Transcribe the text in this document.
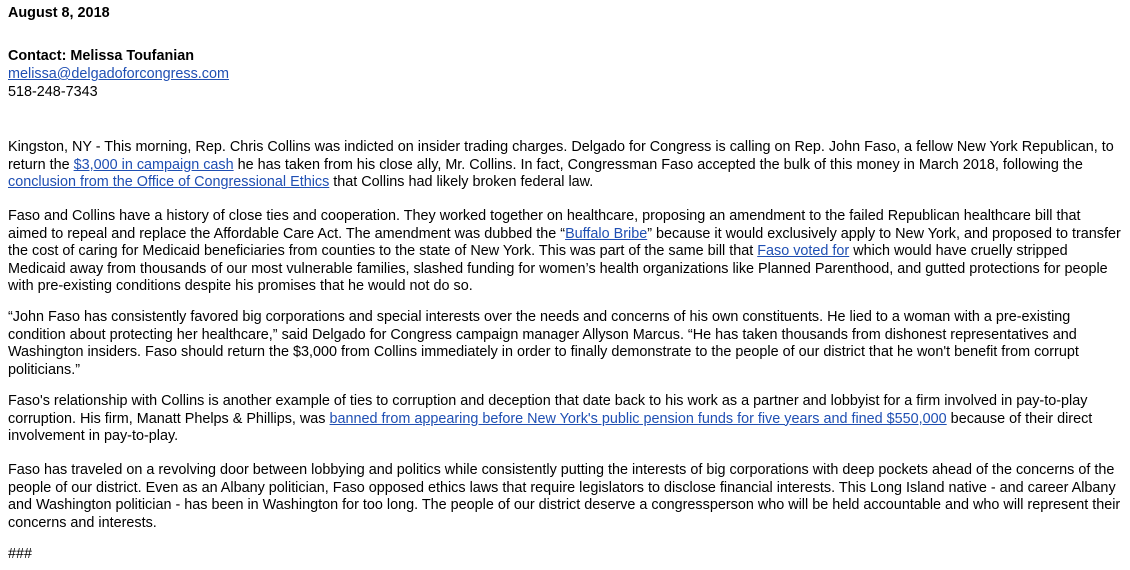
August 8, 2018
Contact: Melissa Toufanian
melissa@delgadoforcongress.com
518-248-7343
Kingston, NY - This morning, Rep. Chris Collins was indicted on insider trading charges. Delgado for Congress is calling on Rep. John Faso, a fellow New York Republican, to return the $3,000 in campaign cash he has taken from his close ally, Mr. Collins. In fact, Congressman Faso accepted the bulk of this money in March 2018, following the conclusion from the Office of Congressional Ethics that Collins had likely broken federal law.
Faso and Collins have a history of close ties and cooperation. They worked together on healthcare, proposing an amendment to the failed Republican healthcare bill that aimed to repeal and replace the Affordable Care Act. The amendment was dubbed the “Buffalo Bribe” because it would exclusively apply to New York, and proposed to transfer the cost of caring for Medicaid beneficiaries from counties to the state of New York. This was part of the same bill that Faso voted for which would have cruelly stripped Medicaid away from thousands of our most vulnerable families, slashed funding for women’s health organizations like Planned Parenthood, and gutted protections for people with pre-existing conditions despite his promises that he would not do so.
“John Faso has consistently favored big corporations and special interests over the needs and concerns of his own constituents. He lied to a woman with a pre-existing condition about protecting her healthcare,” said Delgado for Congress campaign manager Allyson Marcus. “He has taken thousands from dishonest representatives and Washington insiders. Faso should return the $3,000 from Collins immediately in order to finally demonstrate to the people of our district that he won't benefit from corrupt politicians.”
Faso's relationship with Collins is another example of ties to corruption and deception that date back to his work as a partner and lobbyist for a firm involved in pay-to-play corruption. His firm, Manatt Phelps & Phillips, was banned from appearing before New York's public pension funds for five years and fined $550,000 because of their direct involvement in pay-to-play.
Faso has traveled on a revolving door between lobbying and politics while consistently putting the interests of big corporations with deep pockets ahead of the concerns of the people of our district. Even as an Albany politician, Faso opposed ethics laws that require legislators to disclose financial interests. This Long Island native - and career Albany and Washington politician - has been in Washington for too long. The people of our district deserve a congressperson who will be held accountable and who will represent their concerns and interests.
###
